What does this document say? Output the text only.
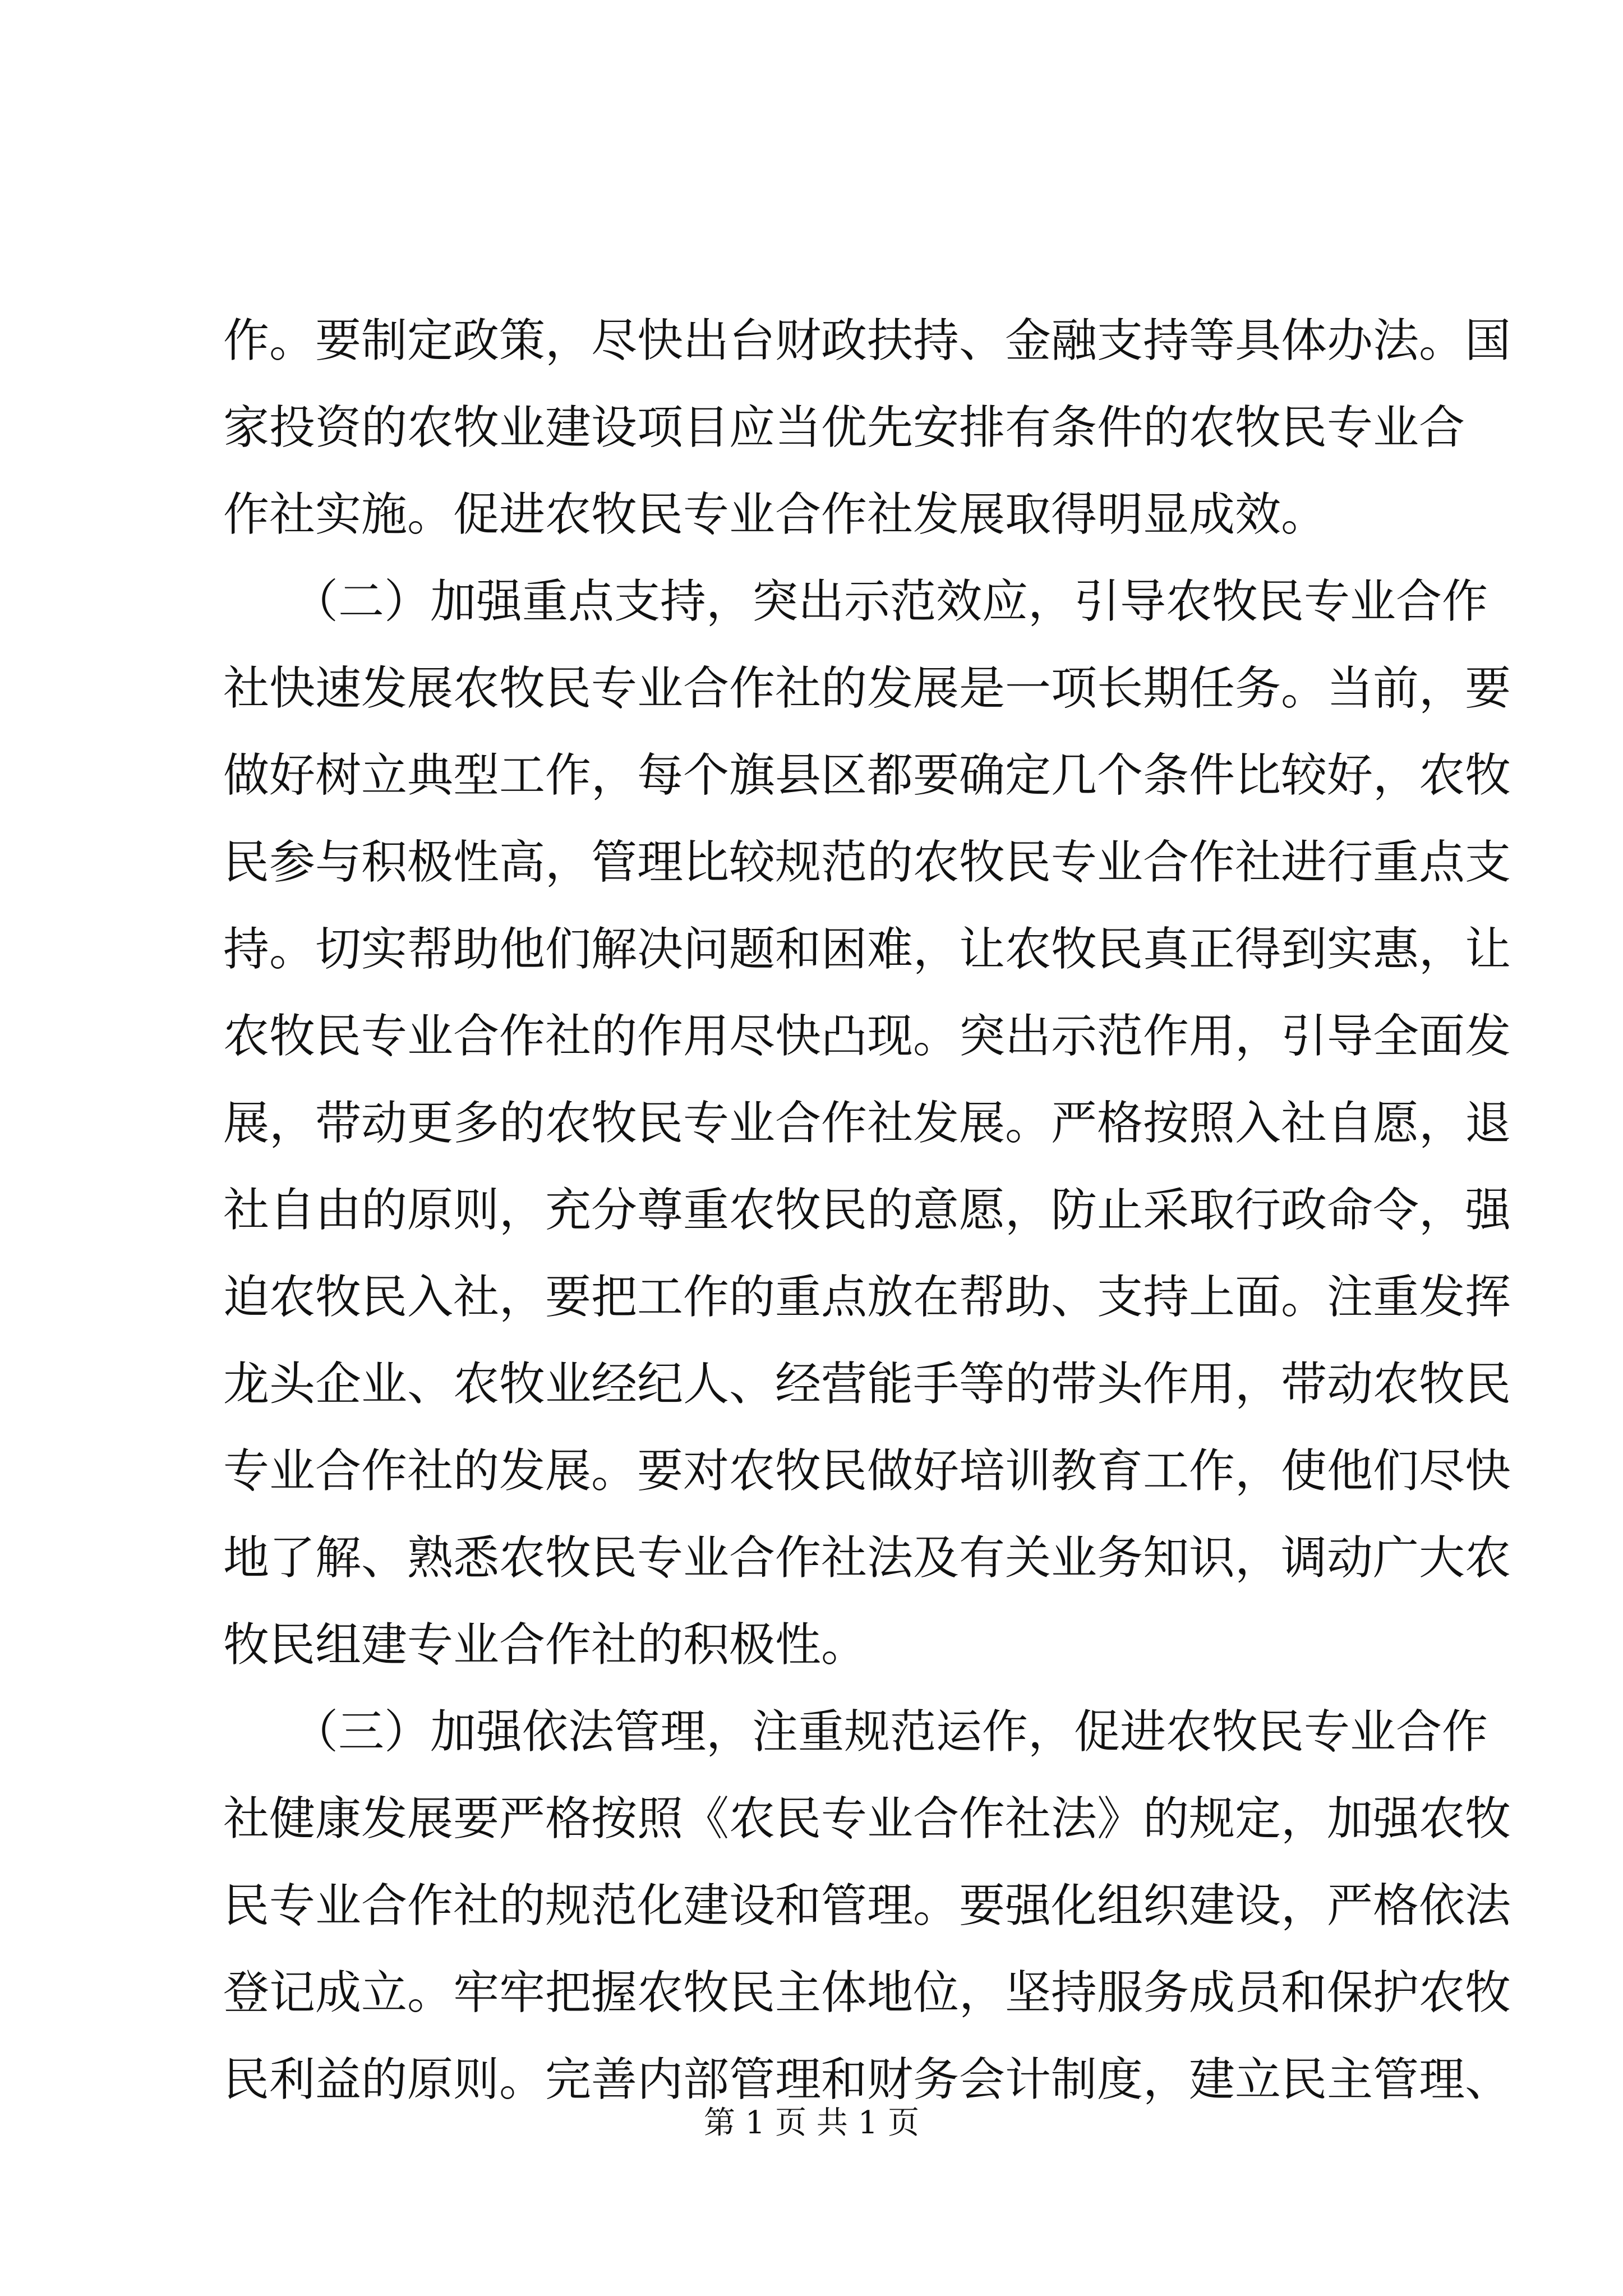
作。要制定政策，尽快出台财政扶持、金融支持等具体办法。国
家投资的农牧业建设项目应当优先安排有条件的农牧民专业合
作社实施。促进农牧民专业合作社发展取得明显成效。
　　（二）加强重点支持，突出示范效应，引导农牧民专业合作
社快速发展农牧民专业合作社的发展是一项长期任务。当前，要
做好树立典型工作，每个旗县区都要确定几个条件比较好，农牧
民参与积极性高，管理比较规范的农牧民专业合作社进行重点支
持。切实帮助他们解决问题和困难，让农牧民真正得到实惠，让
农牧民专业合作社的作用尽快凸现。突出示范作用，引导全面发
展，带动更多的农牧民专业合作社发展。严格按照入社自愿，退
社自由的原则，充分尊重农牧民的意愿，防止采取行政命令，强
迫农牧民入社，要把工作的重点放在帮助、支持上面。注重发挥
龙头企业、农牧业经纪人、经营能手等的带头作用，带动农牧民
专业合作社的发展。要对农牧民做好培训教育工作，使他们尽快
地了解、熟悉农牧民专业合作社法及有关业务知识，调动广大农
牧民组建专业合作社的积极性。
　　（三）加强依法管理，注重规范运作，促进农牧民专业合作
社健康发展要严格按照《农民专业合作社法》的规定，加强农牧
民专业合作社的规范化建设和管理。要强化组织建设，严格依法
登记成立。牢牢把握农牧民主体地位，坚持服务成员和保护农牧
民利益的原则。完善内部管理和财务会计制度，建立民主管理、
第 1 页 共 1 页
